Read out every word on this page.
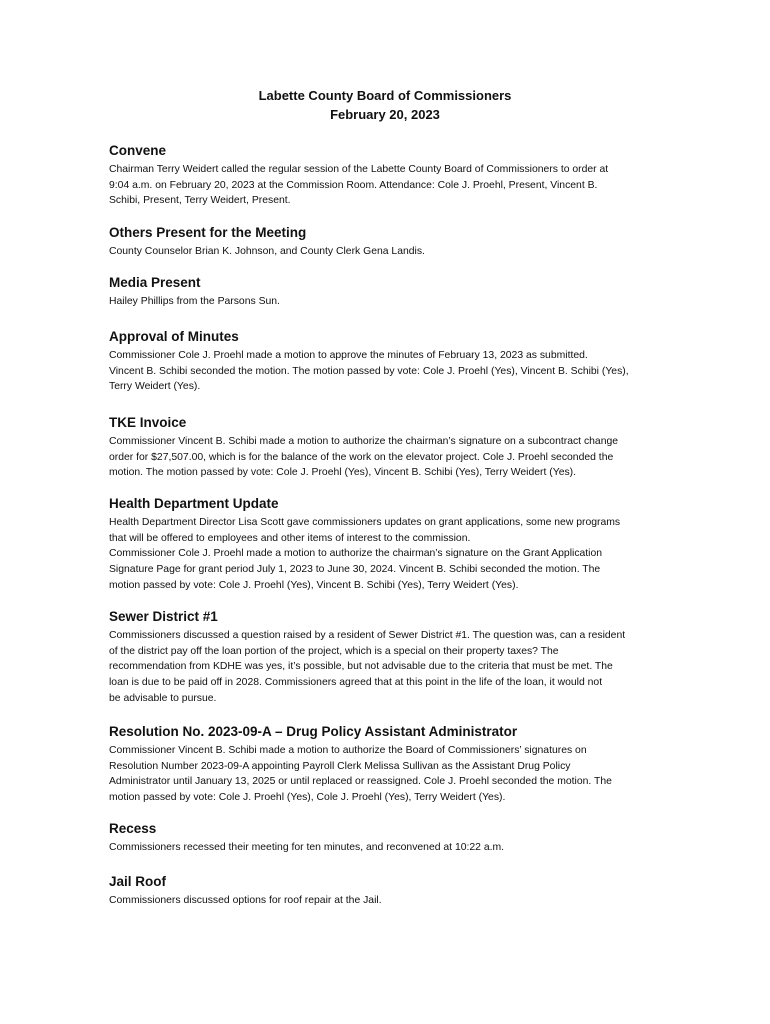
Labette County Board of Commissioners
February 20, 2023
Convene

Chairman Terry Weidert called the regular session of the Labette County Board of Commissioners to order at
9:04 a.m. on February 20, 2023 at the Commission Room. Attendance: Cole J. Proehl, Present, Vincent B.
Schibi, Present, Terry Weidert, Present.

Others Present for the Meeting

County Counselor Brian K. Johnson, and County Clerk Gena Landis.

Media Present

Hailey Phillips from the Parsons Sun.

Approval of Minutes

Commissioner Cole J. Proehl made a motion to approve the minutes of February 13, 2023 as submitted.
Vincent B. Schibi seconded the motion. The motion passed by vote: Cole J. Proehl (Yes), Vincent B. Schibi (Yes),
Terry Weidert (Yes).

TKE Invoice

Commissioner Vincent B. Schibi made a motion to authorize the chairman’s signature on a subcontract change
order for $27,507.00, which is for the balance of the work on the elevator project. Cole J. Proehl seconded the
motion. The motion passed by vote: Cole J. Proehl (Yes), Vincent B. Schibi (Yes), Terry Weidert (Yes).

Health Department Update

Health Department Director Lisa Scott gave commissioners updates on grant applications, some new programs
that will be offered to employees and other items of interest to the commission.
Commissioner Cole J. Proehl made a motion to authorize the chairman’s signature on the Grant Application
Signature Page for grant period July 1, 2023 to June 30, 2024. Vincent B. Schibi seconded the motion. The
motion passed by vote: Cole J. Proehl (Yes), Vincent B. Schibi (Yes), Terry Weidert (Yes).

Sewer District #1

Commissioners discussed a question raised by a resident of Sewer District #1. The question was, can a resident
of the district pay off the loan portion of the project, which is a special on their property taxes? The
recommendation from KDHE was yes, it’s possible, but not advisable due to the criteria that must be met. The
loan is due to be paid off in 2028. Commissioners agreed that at this point in the life of the loan, it would not
be advisable to pursue.

Resolution No. 2023-09-A – Drug Policy Assistant Administrator

Commissioner Vincent B. Schibi made a motion to authorize the Board of Commissioners’ signatures on
Resolution Number 2023-09-A appointing Payroll Clerk Melissa Sullivan as the Assistant Drug Policy
Administrator until January 13, 2025 or until replaced or reassigned. Cole J. Proehl seconded the motion. The
motion passed by vote: Cole J. Proehl (Yes), Cole J. Proehl (Yes), Terry Weidert (Yes).

Recess

Commissioners recessed their meeting for ten minutes, and reconvened at 10:22 a.m.

Jail Roof

Commissioners discussed options for roof repair at the Jail.
